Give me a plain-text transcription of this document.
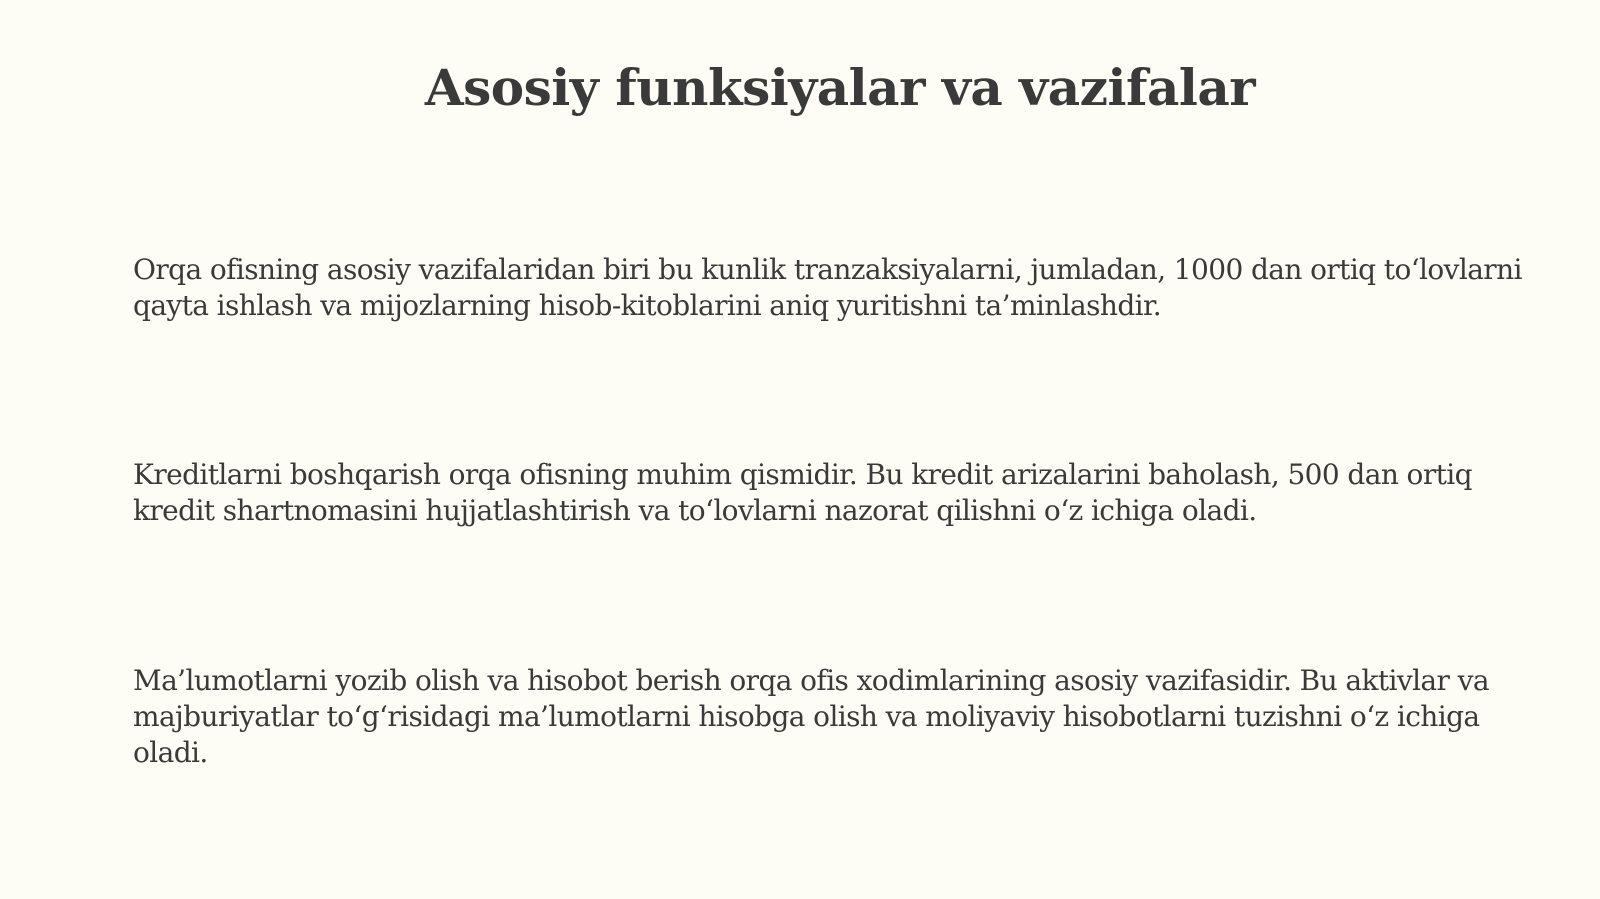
Asosiy funksiyalar va vazifalar

Orqa ofisning asosiy vazifalaridan biri bu kunlik tranzaksiyalarni, jumladan, 1000 dan ortiq to‘lovlarni qayta ishlash va mijozlarning hisob-kitoblarini aniq yuritishni ta’minlashdir.

Kreditlarni boshqarish orqa ofisning muhim qismidir. Bu kredit arizalarini baholash, 500 dan ortiq kredit shartnomasini hujjatlashtirish va to‘lovlarni nazorat qilishni o‘z ichiga oladi.

Ma’lumotlarni yozib olish va hisobot berish orqa ofis xodimlarining asosiy vazifasidir. Bu aktivlar va majburiyatlar to‘g‘risidagi ma’lumotlarni hisobga olish va moliyaviy hisobotlarni tuzishni o‘z ichiga oladi.
